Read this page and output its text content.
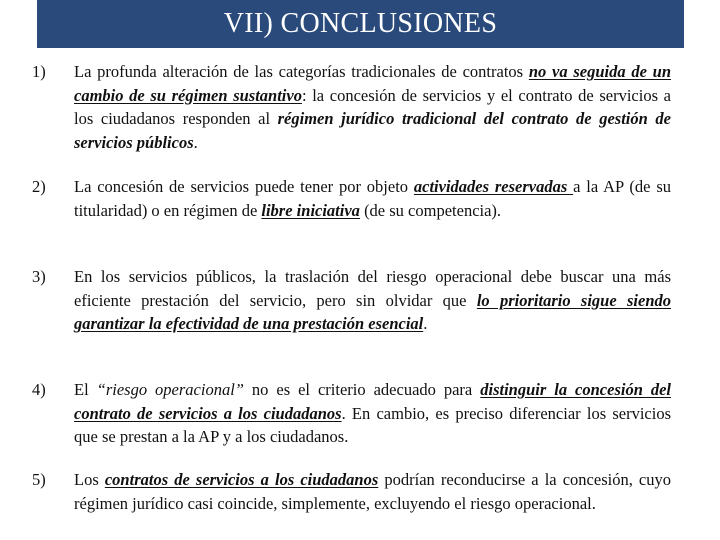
VII) CONCLUSIONES
1) La profunda alteración de las categorías tradicionales de contratos no va seguida de un cambio de su régimen sustantivo: la concesión de servicios y el contrato de servicios a los ciudadanos responden al régimen jurídico tradicional del contrato de gestión de servicios públicos.
2) La concesión de servicios puede tener por objeto actividades reservadas a la AP (de su titularidad) o en régimen de libre iniciativa (de su competencia).
3) En los servicios públicos, la traslación del riesgo operacional debe buscar una más eficiente prestación del servicio, pero sin olvidar que lo prioritario sigue siendo garantizar la efectividad de una prestación esencial.
4) El “riesgo operacional” no es el criterio adecuado para distinguir la concesión del contrato de servicios a los ciudadanos. En cambio, es preciso diferenciar los servicios que se prestan a la AP y a los ciudadanos.
5) Los contratos de servicios a los ciudadanos podrían reconducirse a la concesión, cuyo régimen jurídico casi coincide, simplemente, excluyendo el riesgo operacional.
